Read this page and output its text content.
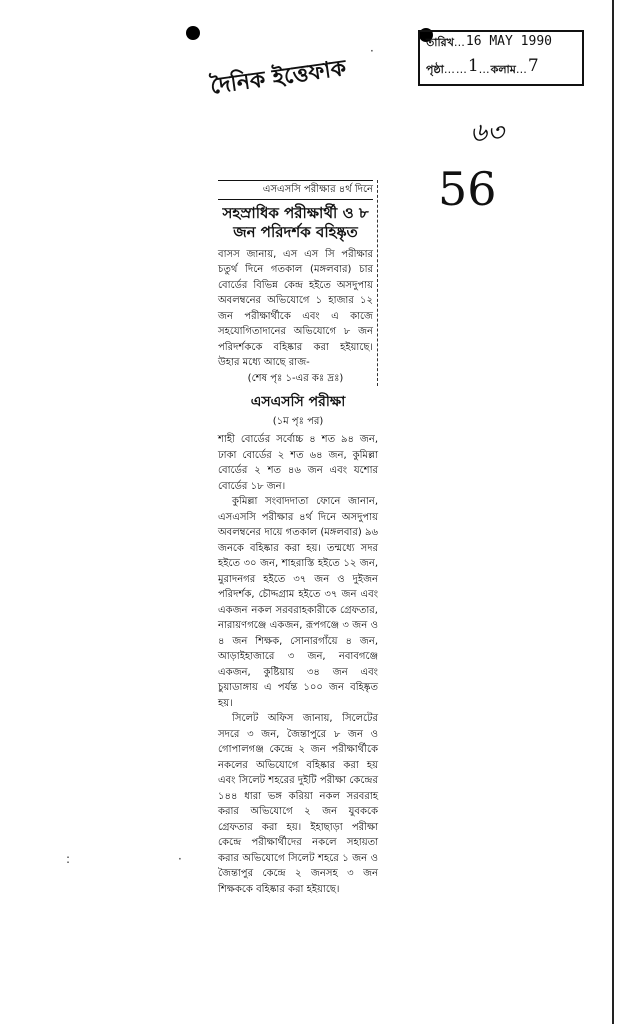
তারিখ … 16 MAY 1990
পৃষ্ঠা …… 1 … কলাম … 7
দৈনিক ইত্তেফাক
৬৩
56
এসএসসি পরীক্ষার ৪র্থ দিনে
সহস্রাধিক পরীক্ষার্থী ও ৮ জন পরিদর্শক বহিষ্কৃত

বাসস জানায়, এস এস সি পরীক্ষার চতুর্থ দিনে গতকাল (মঙ্গলবার) চার বোর্ডের বিভিন্ন কেন্দ্র হইতে অসদুপায় অবলম্বনের অভিযোগে ১ হাজার ১২ জন পরীক্ষার্থীকে এবং এ কাজে সহযোগিতাদানের অভিযোগে ৮ জন পরিদর্শককে বহিষ্কার করা হইয়াছে। উহার মধ্যে আছে রাজ-

(শেষ পৃঃ ১-এর কঃ দ্রঃ)

এসএসসি পরীক্ষা
(১ম পৃঃ পর)

শাহী বোর্ডের সর্বোচ্চ ৪ শত ৯৪ জন, ঢাকা বোর্ডের ২ শত ৬৪ জন, কুমিল্লা বোর্ডের ২ শত ৪৬ জন এবং যশোর বোর্ডের ১৮ জন।

কুমিল্লা সংবাদদাতা ফোনে জানান, এসএসসি পরীক্ষার ৪র্থ দিনে অসদুপায় অবলম্বনের দায়ে গতকাল (মঙ্গলবার) ৯৬ জনকে বহিষ্কার করা হয়। তন্মধ্যে সদর হইতে ৩০ জন, শাহরাস্তি হইতে ১২ জন, মুরাদনগর হইতে ৩৭ জন ও দুইজন পরিদর্শক, চৌদ্দগ্রাম হইতে ৩৭ জন এবং একজন নকল সরবরাহকারীকে গ্রেফতার, নারায়ণগঞ্জে একজন, রূপগঞ্জে ৩ জন ও ৪ জন শিক্ষক, সোনারগাঁয়ে ৪ জন, আড়াইহাজারে ৩ জন, নবাবগঞ্জে একজন, কুষ্টিয়ায় ৩৪ জন এবং চুয়াডাঙ্গায় এ পর্যন্ত ১০০ জন বহিষ্কৃত হয়।

সিলেট অফিস জানায়, সিলেটের সদরে ৩ জন, জৈন্তাপুরে ৮ জন ও গোপালগঞ্জ কেন্দ্রে ২ জন পরীক্ষার্থীকে নকলের অভিযোগে বহিষ্কার করা হয় এবং সিলেট শহরের দুইটি পরীক্ষা কেন্দ্রের ১৪৪ ধারা ভঙ্গ করিয়া নকল সরবরাহ করার অভিযোগে ২ জন যুবককে গ্রেফতার করা হয়। ইহাছাড়া পরীক্ষা কেন্দ্রে পরীক্ষার্থীদের নকলে সহায়তা করার অভিযোগে সিলেট শহরে ১ জন ও জৈন্তাপুর কেন্দ্রে ২ জনসহ ৩ জন শিক্ষককে বহিষ্কার করা হইয়াছে।

·
·
:
